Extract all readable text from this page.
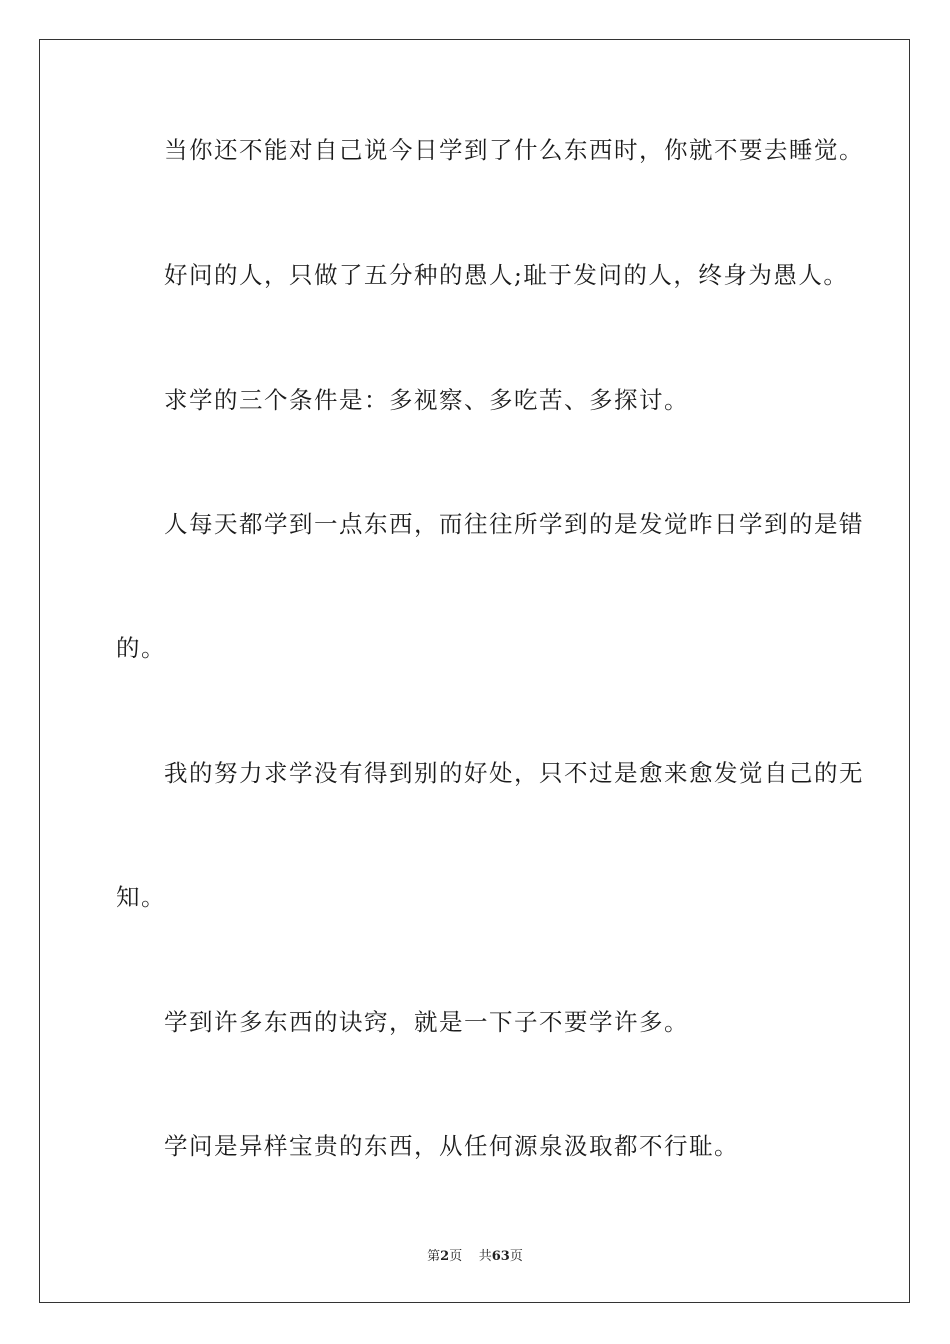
当你还不能对自己说今日学到了什么东西时，你就不要去睡觉。
好问的人，只做了五分种的愚人;耻于发问的人，终身为愚人。
求学的三个条件是：多视察、多吃苦、多探讨。
人每天都学到一点东西，而往往所学到的是发觉昨日学到的是错
的。
我的努力求学没有得到别的好处，只不过是愈来愈发觉自己的无
知。
学到许多东西的诀窍，就是一下子不要学许多。
学问是异样宝贵的东西，从任何源泉汲取都不行耻。
第2页 共63页
